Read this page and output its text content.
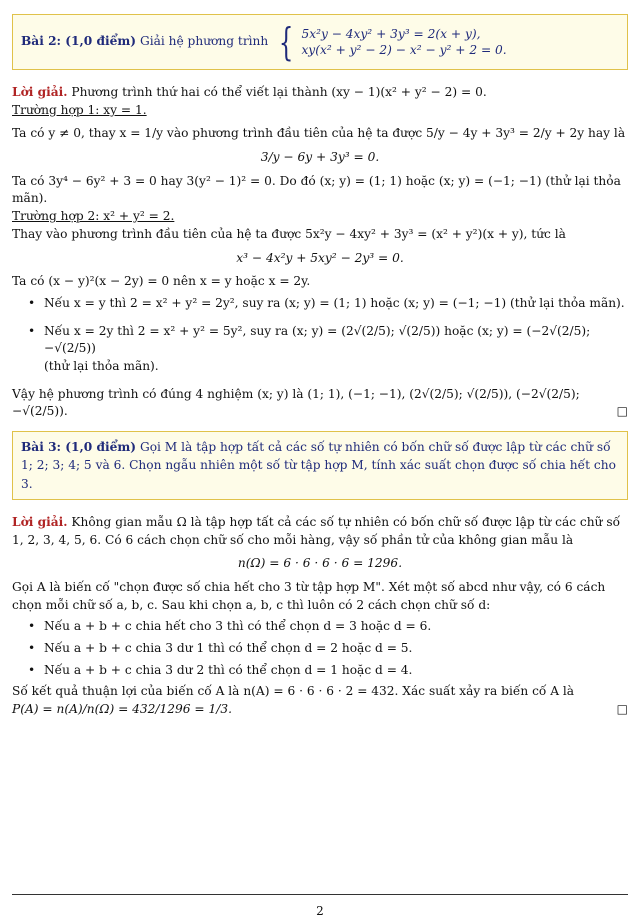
Bài 2: (1,0 điểm) Giải hệ phương trình { 5x²y − 4xy² + 3y³ = 2(x + y),
xy(x² + y² − 2) − x² − y² + 2 = 0.

Lời giải. Phương trình thứ hai có thể viết lại thành (xy − 1)(x² + y² − 2) = 0.

Trường hợp 1: xy = 1.

Ta có y ≠ 0, thay x = 1/y vào phương trình đầu tiên của hệ ta được 5/y − 4y + 3y³ = 2/y + 2y hay là

3/y − 6y + 3y³ = 0.

Ta có 3y⁴ − 6y² + 3 = 0 hay 3(y² − 1)² = 0. Do đó (x; y) = (1; 1) hoặc (x; y) = (−1; −1) (thử lại thỏa mãn).

Trường hợp 2: x² + y² = 2.

Thay vào phương trình đầu tiên của hệ ta được 5x²y − 4xy² + 3y³ = (x² + y²)(x + y), tức là

x³ − 4x²y + 5xy² − 2y³ = 0.

Ta có (x − y)²(x − 2y) = 0 nên x = y hoặc x = 2y.

• Nếu x = y thì 2 = x² + y² = 2y², suy ra (x; y) = (1; 1) hoặc (x; y) = (−1; −1) (thử lại thỏa mãn).
• Nếu x = 2y thì 2 = x² + y² = 5y², suy ra (x; y) = (2√(2/5); √(2/5)) hoặc (x; y) = (−2√(2/5); −√(2/5))
(thử lại thỏa mãn).

Vậy hệ phương trình có đúng 4 nghiệm (x; y) là (1; 1), (−1; −1), (2√(2/5); √(2/5)), (−2√(2/5); −√(2/5)).	□

Bài 3: (1,0 điểm) Gọi M là tập hợp tất cả các số tự nhiên có bốn chữ số được lập từ các chữ số 1; 2; 3; 4; 5 và 6. Chọn ngẫu nhiên một số từ tập hợp M, tính xác suất chọn được số chia hết cho 3.

Lời giải. Không gian mẫu Ω là tập hợp tất cả các số tự nhiên có bốn chữ số được lập từ các chữ số 1, 2, 3, 4, 5, 6. Có 6 cách chọn chữ số cho mỗi hàng, vậy số phần tử của không gian mẫu là

n(Ω) = 6 · 6 · 6 · 6 = 1296.

Gọi A là biến cố "chọn được số chia hết cho 3 từ tập hợp M". Xét một số abcd như vậy, có 6 cách chọn mỗi chữ số a, b, c. Sau khi chọn a, b, c thì luôn có 2 cách chọn chữ số d:

• Nếu a + b + c chia hết cho 3 thì có thể chọn d = 3 hoặc d = 6.
• Nếu a + b + c chia 3 dư 1 thì có thể chọn d = 2 hoặc d = 5.
• Nếu a + b + c chia 3 dư 2 thì có thể chọn d = 1 hoặc d = 4.

Số kết quả thuận lợi của biến cố A là n(A) = 6 · 6 · 6 · 2 = 432. Xác suất xảy ra biến cố A là

P(A) = n(A)/n(Ω) = 432/1296 = 1/3.	□

2
